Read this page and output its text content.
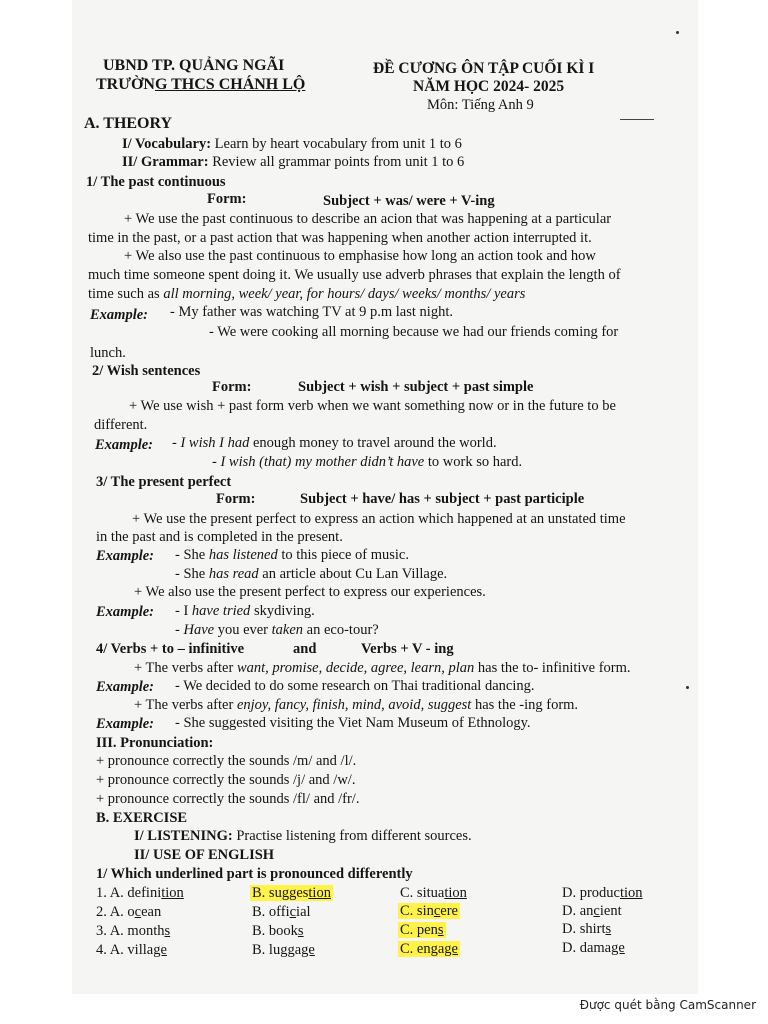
UBND TP. QUẢNG NGÃI
TRƯỜNG THCS CHÁNH LỘ
ĐỀ CƯƠNG ÔN TẬP CUỐI KÌ I
NĂM HỌC 2024- 2025
Môn: Tiếng Anh 9
A. THEORY
I/ Vocabulary: Learn by heart vocabulary from unit 1 to 6
II/ Grammar: Review all grammar points from unit 1 to 6
1/ The past continuous
Form:	Subject + was/ were + V-ing
+ We use the past continuous to describe an acion that was happening at a particular
time in the past, or a past action that was happening when another action interrupted it.
+ We also use the past continuous to emphasise how long an action took and how
much time someone spent doing it. We usually use adverb phrases that explain the length of
time such as all morning, week/ year, for hours/ days/ weeks/ months/ years
Example: - My father was watching TV at 9 p.m last night.
- We were cooking all morning because we had our friends coming for
lunch.
2/ Wish sentences
Form:	Subject + wish + subject + past simple
+ We use wish + past form verb when we want something now or in the future to be
different.
Example: - I wish I had enough money to travel around the world.
- I wish (that) my mother didn’t have to work so hard.
3/ The present perfect
Form:	Subject + have/ has + subject + past participle
+ We use the present perfect to express an action which happened at an unstated time
in the past and is completed in the present.
Example: - She has listened to this piece of music.
- She has read an article about Cu Lan Village.
+ We also use the present perfect to express our experiences.
Example: - I have tried skydiving.
- Have you ever taken an eco-tour?
4/ Verbs + to – infinitive	and	Verbs + V - ing
+ The verbs after want, promise, decide, agree, learn, plan has the to- infinitive form.
Example: - We decided to do some research on Thai traditional dancing.
+ The verbs after enjoy, fancy, finish, mind, avoid, suggest has the -ing form.
Example: - She suggested visiting the Viet Nam Museum of Ethnology.
III. Pronunciation:
+ pronounce correctly the sounds /m/ and /l/.
+ pronounce correctly the sounds /j/ and /w/.
+ pronounce correctly the sounds /fl/ and /fr/.
B. EXERCISE
I/ LISTENING: Practise listening from different sources.
II/ USE OF ENGLISH
1/ Which underlined part is pronounced differently
1. A. definition	B. suggestion	C. situation	D. production
2. A. ocean	B. official	C. sincere	D. ancient
3. A. months	B. books	C. pens	D. shirts
4. A. village	B. luggage	C. engage	D. damage
Được quét bằng CamScanner
